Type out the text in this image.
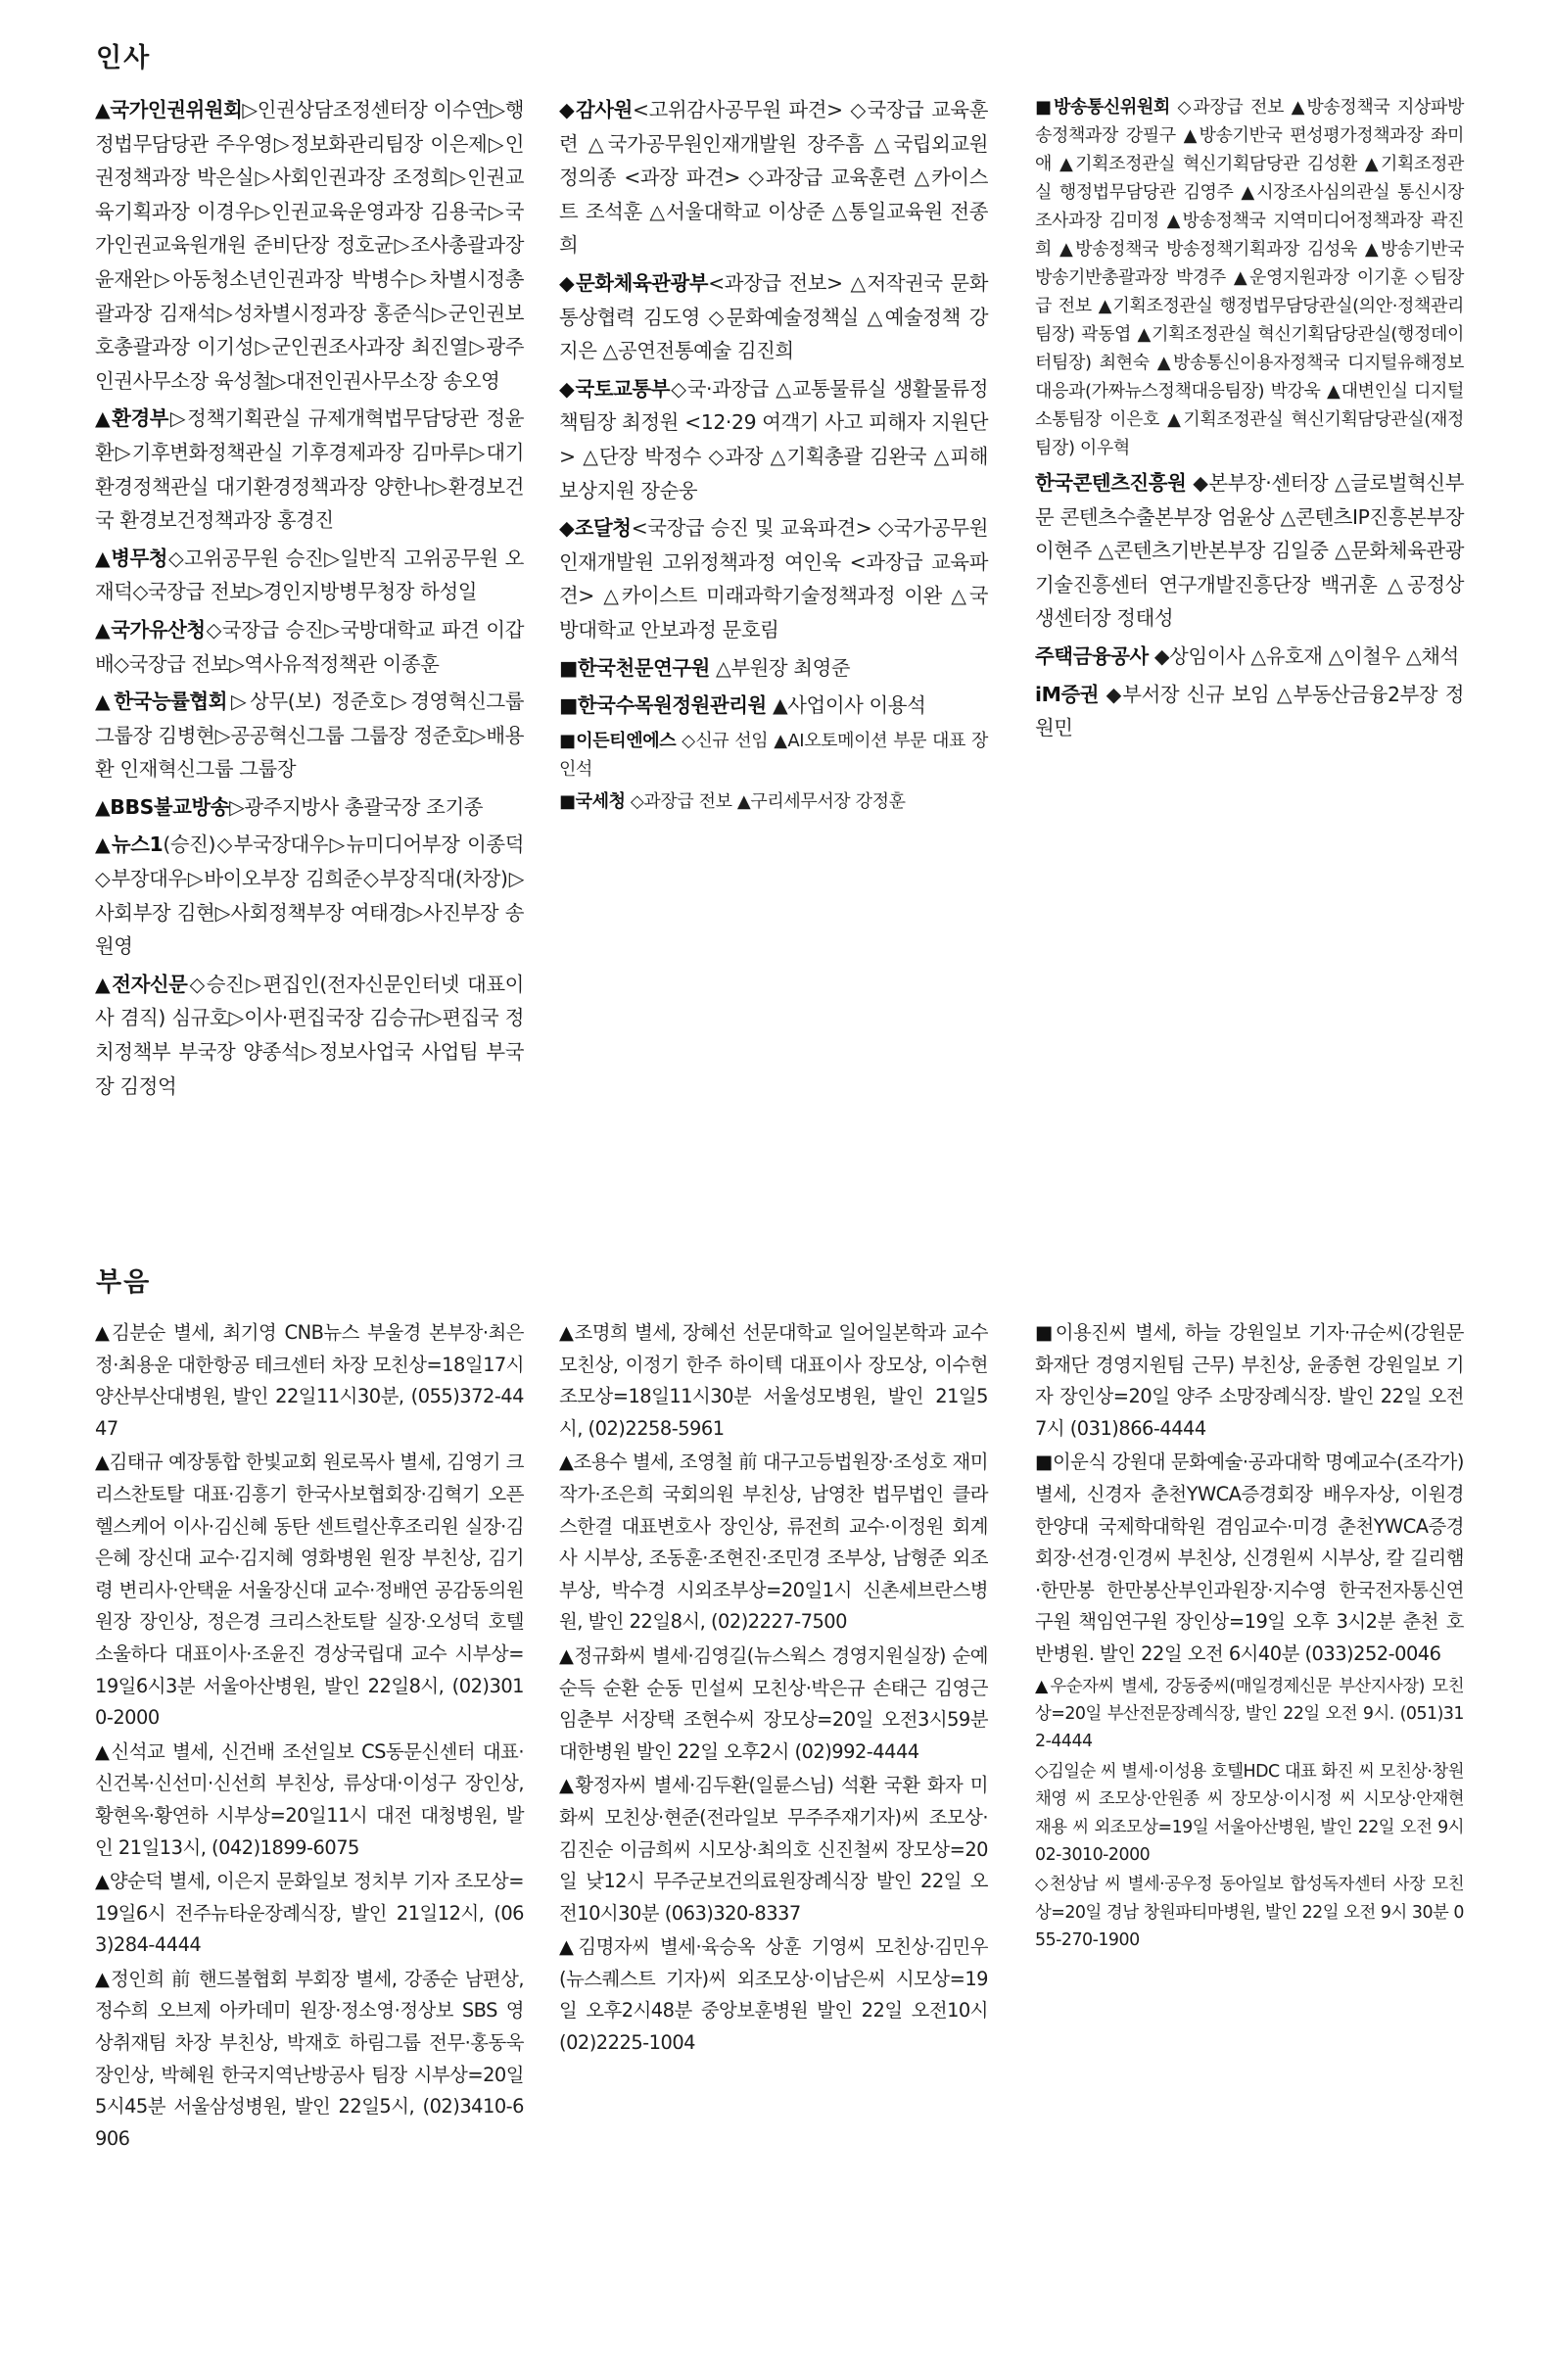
인사

▲국가인권위원회▷인권상담조정센터장 이수연▷행정법무담당관 주우영▷정보화관리팀장 이은제▷인권정책과장 박은실▷사회인권과장 조정희▷인권교육기획과장 이경우▷인권교육운영과장 김용국▷국가인권교육원개원 준비단장 정호균▷조사총괄과장 윤재완▷아동청소년인권과장 박병수▷차별시정총괄과장 김재석▷성차별시정과장 홍준식▷군인권보호총괄과장 이기성▷군인권조사과장 최진열▷광주인권사무소장 육성철▷대전인권사무소장 송오영

▲환경부▷정책기획관실 규제개혁법무담당관 정윤환▷기후변화정책관실 기후경제과장 김마루▷대기환경정책관실 대기환경정책과장 양한나▷환경보건국 환경보건정책과장 홍경진

▲병무청◇고위공무원 승진▷일반직 고위공무원 오재덕◇국장급 전보▷경인지방병무청장 하성일

▲국가유산청◇국장급 승진▷국방대학교 파견 이갑배◇국장급 전보▷역사유적정책관 이종훈

▲한국능률협회▷상무(보) 정준호▷경영혁신그룹 그룹장 김병현▷공공혁신그룹 그룹장 정준호▷배용환 인재혁신그룹 그룹장

▲BBS불교방송▷광주지방사 총괄국장 조기종

▲뉴스1(승진)◇부국장대우▷뉴미디어부장 이종덕◇부장대우▷바이오부장 김희준◇부장직대(차장)▷사회부장 김현▷사회정책부장 여태경▷사진부장 송원영

▲전자신문◇승진▷편집인(전자신문인터넷 대표이사 겸직) 심규호▷이사·편집국장 김승규▷편집국 정치정책부 부국장 양종석▷정보사업국 사업팀 부국장 김정억

◆감사원<고위감사공무원 파견> ◇국장급 교육훈련 △국가공무원인재개발원 장주흠 △국립외교원 정의종 <과장 파견> ◇과장급 교육훈련 △카이스트 조석훈 △서울대학교 이상준 △통일교육원 전종희

◆문화체육관광부<과장급 전보> △저작권국 문화통상협력 김도영 ◇문화예술정책실 △예술정책 강지은 △공연전통예술 김진희

◆국토교통부◇국·과장급 △교통물류실 생활물류정책팀장 최정원 <12·29 여객기 사고 피해자 지원단> △단장 박정수 ◇과장 △기획총괄 김완국 △피해보상지원 장순웅

◆조달청<국장급 승진 및 교육파견> ◇국가공무원인재개발원 고위정책과정 여인욱 <과장급 교육파견> △카이스트 미래과학기술정책과정 이완 △국방대학교 안보과정 문호림

■한국천문연구원 △부원장 최영준

■한국수목원정원관리원 ▲사업이사 이용석

■이든티엔에스 ◇신규 선임 ▲AI오토메이션 부문 대표 장인석

■국세청 ◇과장급 전보 ▲구리세무서장 강정훈

■방송통신위원회 ◇과장급 전보 ▲방송정책국 지상파방송정책과장 강필구 ▲방송기반국 편성평가정책과장 좌미애 ▲기획조정관실 혁신기획담당관 김성환 ▲기획조정관실 행정법무담당관 김영주 ▲시장조사심의관실 통신시장조사과장 김미정 ▲방송정책국 지역미디어정책과장 곽진희 ▲방송정책국 방송정책기획과장 김성욱 ▲방송기반국 방송기반총괄과장 박경주 ▲운영지원과장 이기훈 ◇팀장급 전보 ▲기획조정관실 행정법무담당관실(의안·정책관리팀장) 곽동엽 ▲기획조정관실 혁신기획담당관실(행정데이터팀장) 최현숙 ▲방송통신이용자정책국 디지털유해정보대응과(가짜뉴스정책대응팀장) 박강욱 ▲대변인실 디지털소통팀장 이은호 ▲기획조정관실 혁신기획담당관실(재정팀장) 이우혁

한국콘텐츠진흥원 ◆본부장·센터장 △글로벌혁신부문 콘텐츠수출본부장 엄윤상 △콘텐츠IP진흥본부장 이현주 △콘텐츠기반본부장 김일중 △문화체육관광기술진흥센터 연구개발진흥단장 백귀훈 △공정상생센터장 정태성

주택금융공사 ◆상임이사 △유호재 △이철우 △채석

iM증권 ◆부서장 신규 보임 △부동산금융2부장 정원민

부음

▲김분순 별세, 최기영 CNB뉴스 부울경 본부장·최은정·최용운 대한항공 테크센터 차장 모친상=18일17시 양산부산대병원, 발인 22일11시30분, (055)372-4447

▲김태규 예장통합 한빛교회 원로목사 별세, 김영기 크리스찬토탈 대표·김흥기 한국사보협회장·김혁기 오픈헬스케어 이사·김신혜 동탄 센트럴산후조리원 실장·김은혜 장신대 교수·김지혜 영화병원 원장 부친상, 김기령 변리사·안택윤 서울장신대 교수·정배연 공감동의원 원장 장인상, 정은경 크리스찬토탈 실장·오성덕 호텔소울하다 대표이사·조윤진 경상국립대 교수 시부상=19일6시3분 서울아산병원, 발인 22일8시, (02)3010-2000

▲신석교 별세, 신건배 조선일보 CS동문신센터 대표·신건복·신선미·신선희 부친상, 류상대·이성구 장인상, 황현옥·황연하 시부상=20일11시 대전 대청병원, 발인 21일13시, (042)1899-6075

▲양순덕 별세, 이은지 문화일보 정치부 기자 조모상=19일6시 전주뉴타운장례식장, 발인 21일12시, (063)284-4444

▲정인희 前 핸드볼협회 부회장 별세, 강종순 남편상, 정수희 오브제 아카데미 원장·정소영·정상보 SBS 영상취재팀 차장 부친상, 박재호 하림그룹 전무·홍동욱 장인상, 박혜원 한국지역난방공사 팀장 시부상=20일5시45분 서울삼성병원, 발인 22일5시, (02)3410-6906

▲조명희 별세, 장혜선 선문대학교 일어일본학과 교수 모친상, 이정기 한주 하이텍 대표이사 장모상, 이수현 조모상=18일11시30분 서울성모병원, 발인 21일5시, (02)2258-5961

▲조용수 별세, 조영철 前 대구고등법원장·조성호 재미작가·조은희 국회의원 부친상, 남영찬 법무법인 클라스한결 대표변호사 장인상, 류전희 교수·이정원 회계사 시부상, 조동훈·조현진·조민경 조부상, 남형준 외조부상, 박수경 시외조부상=20일1시 신촌세브란스병원, 발인 22일8시, (02)2227-7500

▲정규화씨 별세·김영길(뉴스웍스 경영지원실장) 순예 순득 순환 순동 민설씨 모친상·박은규 손태근 김영근 임춘부 서장택 조현수씨 장모상=20일 오전3시59분 대한병원 발인 22일 오후2시 (02)992-4444

▲황정자씨 별세·김두환(일륜스님) 석환 국환 화자 미화씨 모친상·현준(전라일보 무주주재기자)씨 조모상·김진순 이금희씨 시모상·최의호 신진철씨 장모상=20일 낮12시 무주군보건의료원장례식장 발인 22일 오전10시30분 (063)320-8337

▲김명자씨 별세·육승옥 상훈 기영씨 모친상·김민우(뉴스퀘스트 기자)씨 외조모상·이남은씨 시모상=19일 오후2시48분 중앙보훈병원 발인 22일 오전10시 (02)2225-1004

■이용진씨 별세, 하늘 강원일보 기자·규순씨(강원문화재단 경영지원팀 근무) 부친상, 윤종현 강원일보 기자 장인상=20일 양주 소망장례식장. 발인 22일 오전 7시 (031)866-4444

■이운식 강원대 문화예술·공과대학 명예교수(조각가) 별세, 신경자 춘천YWCA증경회장 배우자상, 이원경 한양대 국제학대학원 겸임교수·미경 춘천YWCA증경회장·선경·인경씨 부친상, 신경원씨 시부상, 칼 길리햄·한만봉 한만봉산부인과원장·지수영 한국전자통신연구원 책임연구원 장인상=19일 오후 3시2분 춘천 호반병원. 발인 22일 오전 6시40분 (033)252-0046

▲우순자씨 별세, 강동중씨(매일경제신문 부산지사장) 모친상=20일 부산전문장례식장, 발인 22일 오전 9시. (051)312-4444

◇김일순 씨 별세·이성용 호텔HDC 대표 화진 씨 모친상·창원 채영 씨 조모상·안원종 씨 장모상·이시정 씨 시모상·안재현 재용 씨 외조모상=19일 서울아산병원, 발인 22일 오전 9시 02-3010-2000

◇천상남 씨 별세·공우정 동아일보 합성독자센터 사장 모친상=20일 경남 창원파티마병원, 발인 22일 오전 9시 30분 055-270-1900
